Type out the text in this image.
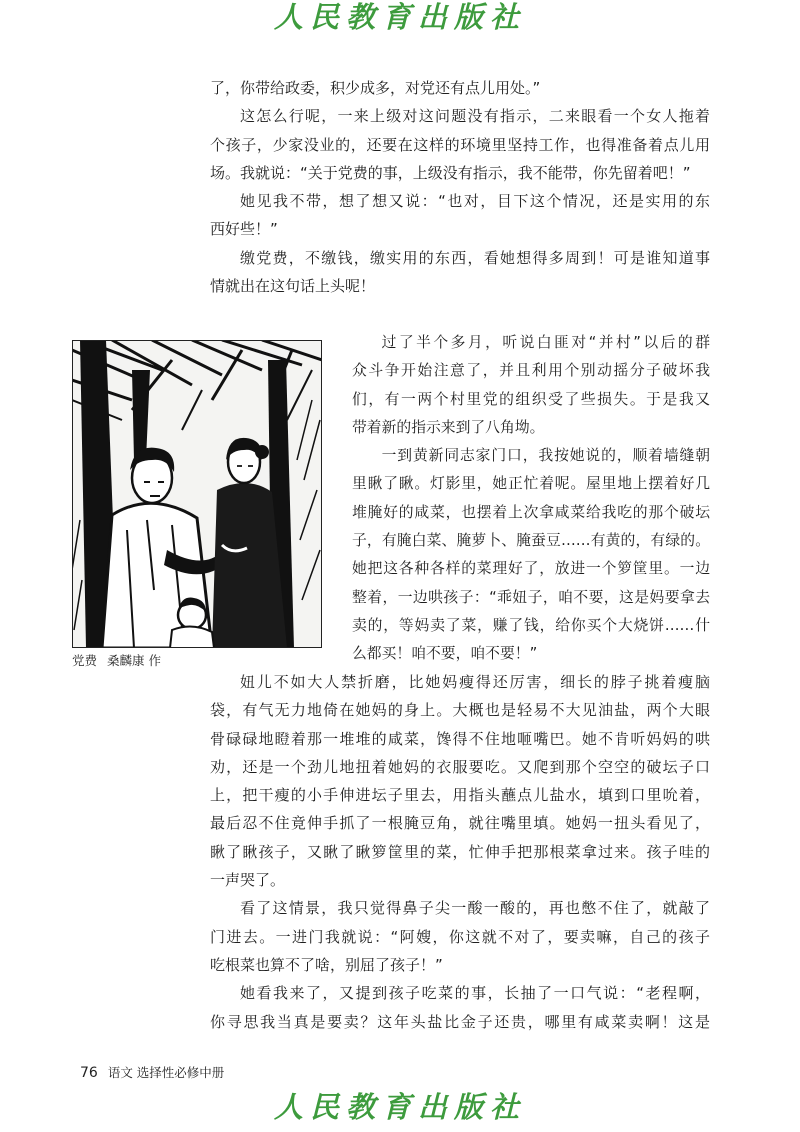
人民教育出版社
了，你带给政委，积少成多，对党还有点儿用处。”
这怎么行呢，一来上级对这问题没有指示，二来眼看一个女人拖着
个孩子，少家没业的，还要在这样的环境里坚持工作，也得准备着点儿用
场。我就说：“关于党费的事，上级没有指示，我不能带，你先留着吧！”
她见我不带，想了想又说：“也对，目下这个情况，还是实用的东
西好些！”
缴党费，不缴钱，缴实用的东西，看她想得多周到！可是谁知道事
情就出在这句话上头呢！
党费 桑麟康 作
过了半个多月，听说白匪对“并村”以后的群
众斗争开始注意了，并且利用个别动摇分子破坏我
们，有一两个村里党的组织受了些损失。于是我又
带着新的指示来到了八角坳。
一到黄新同志家门口，我按她说的，顺着墙缝朝
里瞅了瞅。灯影里，她正忙着呢。屋里地上摆着好几
堆腌好的咸菜，也摆着上次拿咸菜给我吃的那个破坛
子，有腌白菜、腌萝卜、腌蚕豆……有黄的，有绿的。
她把这各种各样的菜理好了，放进一个箩筐里。一边
整着，一边哄孩子：“乖妞子，咱不要，这是妈要拿去
卖的，等妈卖了菜，赚了钱，给你买个大烧饼……什
么都买！咱不要，咱不要！”
妞儿不如大人禁折磨，比她妈瘦得还厉害，细长的脖子挑着瘦脑
袋，有气无力地倚在她妈的身上。大概也是轻易不大见油盐，两个大眼
骨碌碌地瞪着那一堆堆的咸菜，馋得不住地咂嘴巴。她不肯听妈妈的哄
劝，还是一个劲儿地扭着她妈的衣服要吃。又爬到那个空空的破坛子口
上，把干瘦的小手伸进坛子里去，用指头蘸点儿盐水，填到口里吮着，
最后忍不住竟伸手抓了一根腌豆角，就往嘴里填。她妈一扭头看见了，
瞅了瞅孩子，又瞅了瞅箩筐里的菜，忙伸手把那根菜拿过来。孩子哇的
一声哭了。
看了这情景，我只觉得鼻子尖一酸一酸的，再也憋不住了，就敲了
门进去。一进门我就说：“阿嫂，你这就不对了，要卖嘛，自己的孩子
吃根菜也算不了啥，别屈了孩子！”
她看我来了，又提到孩子吃菜的事，长抽了一口气说：“老程啊，
你寻思我当真是要卖？这年头盐比金子还贵，哪里有咸菜卖啊！这是
76 语文 选择性必修中册
人民教育出版社
